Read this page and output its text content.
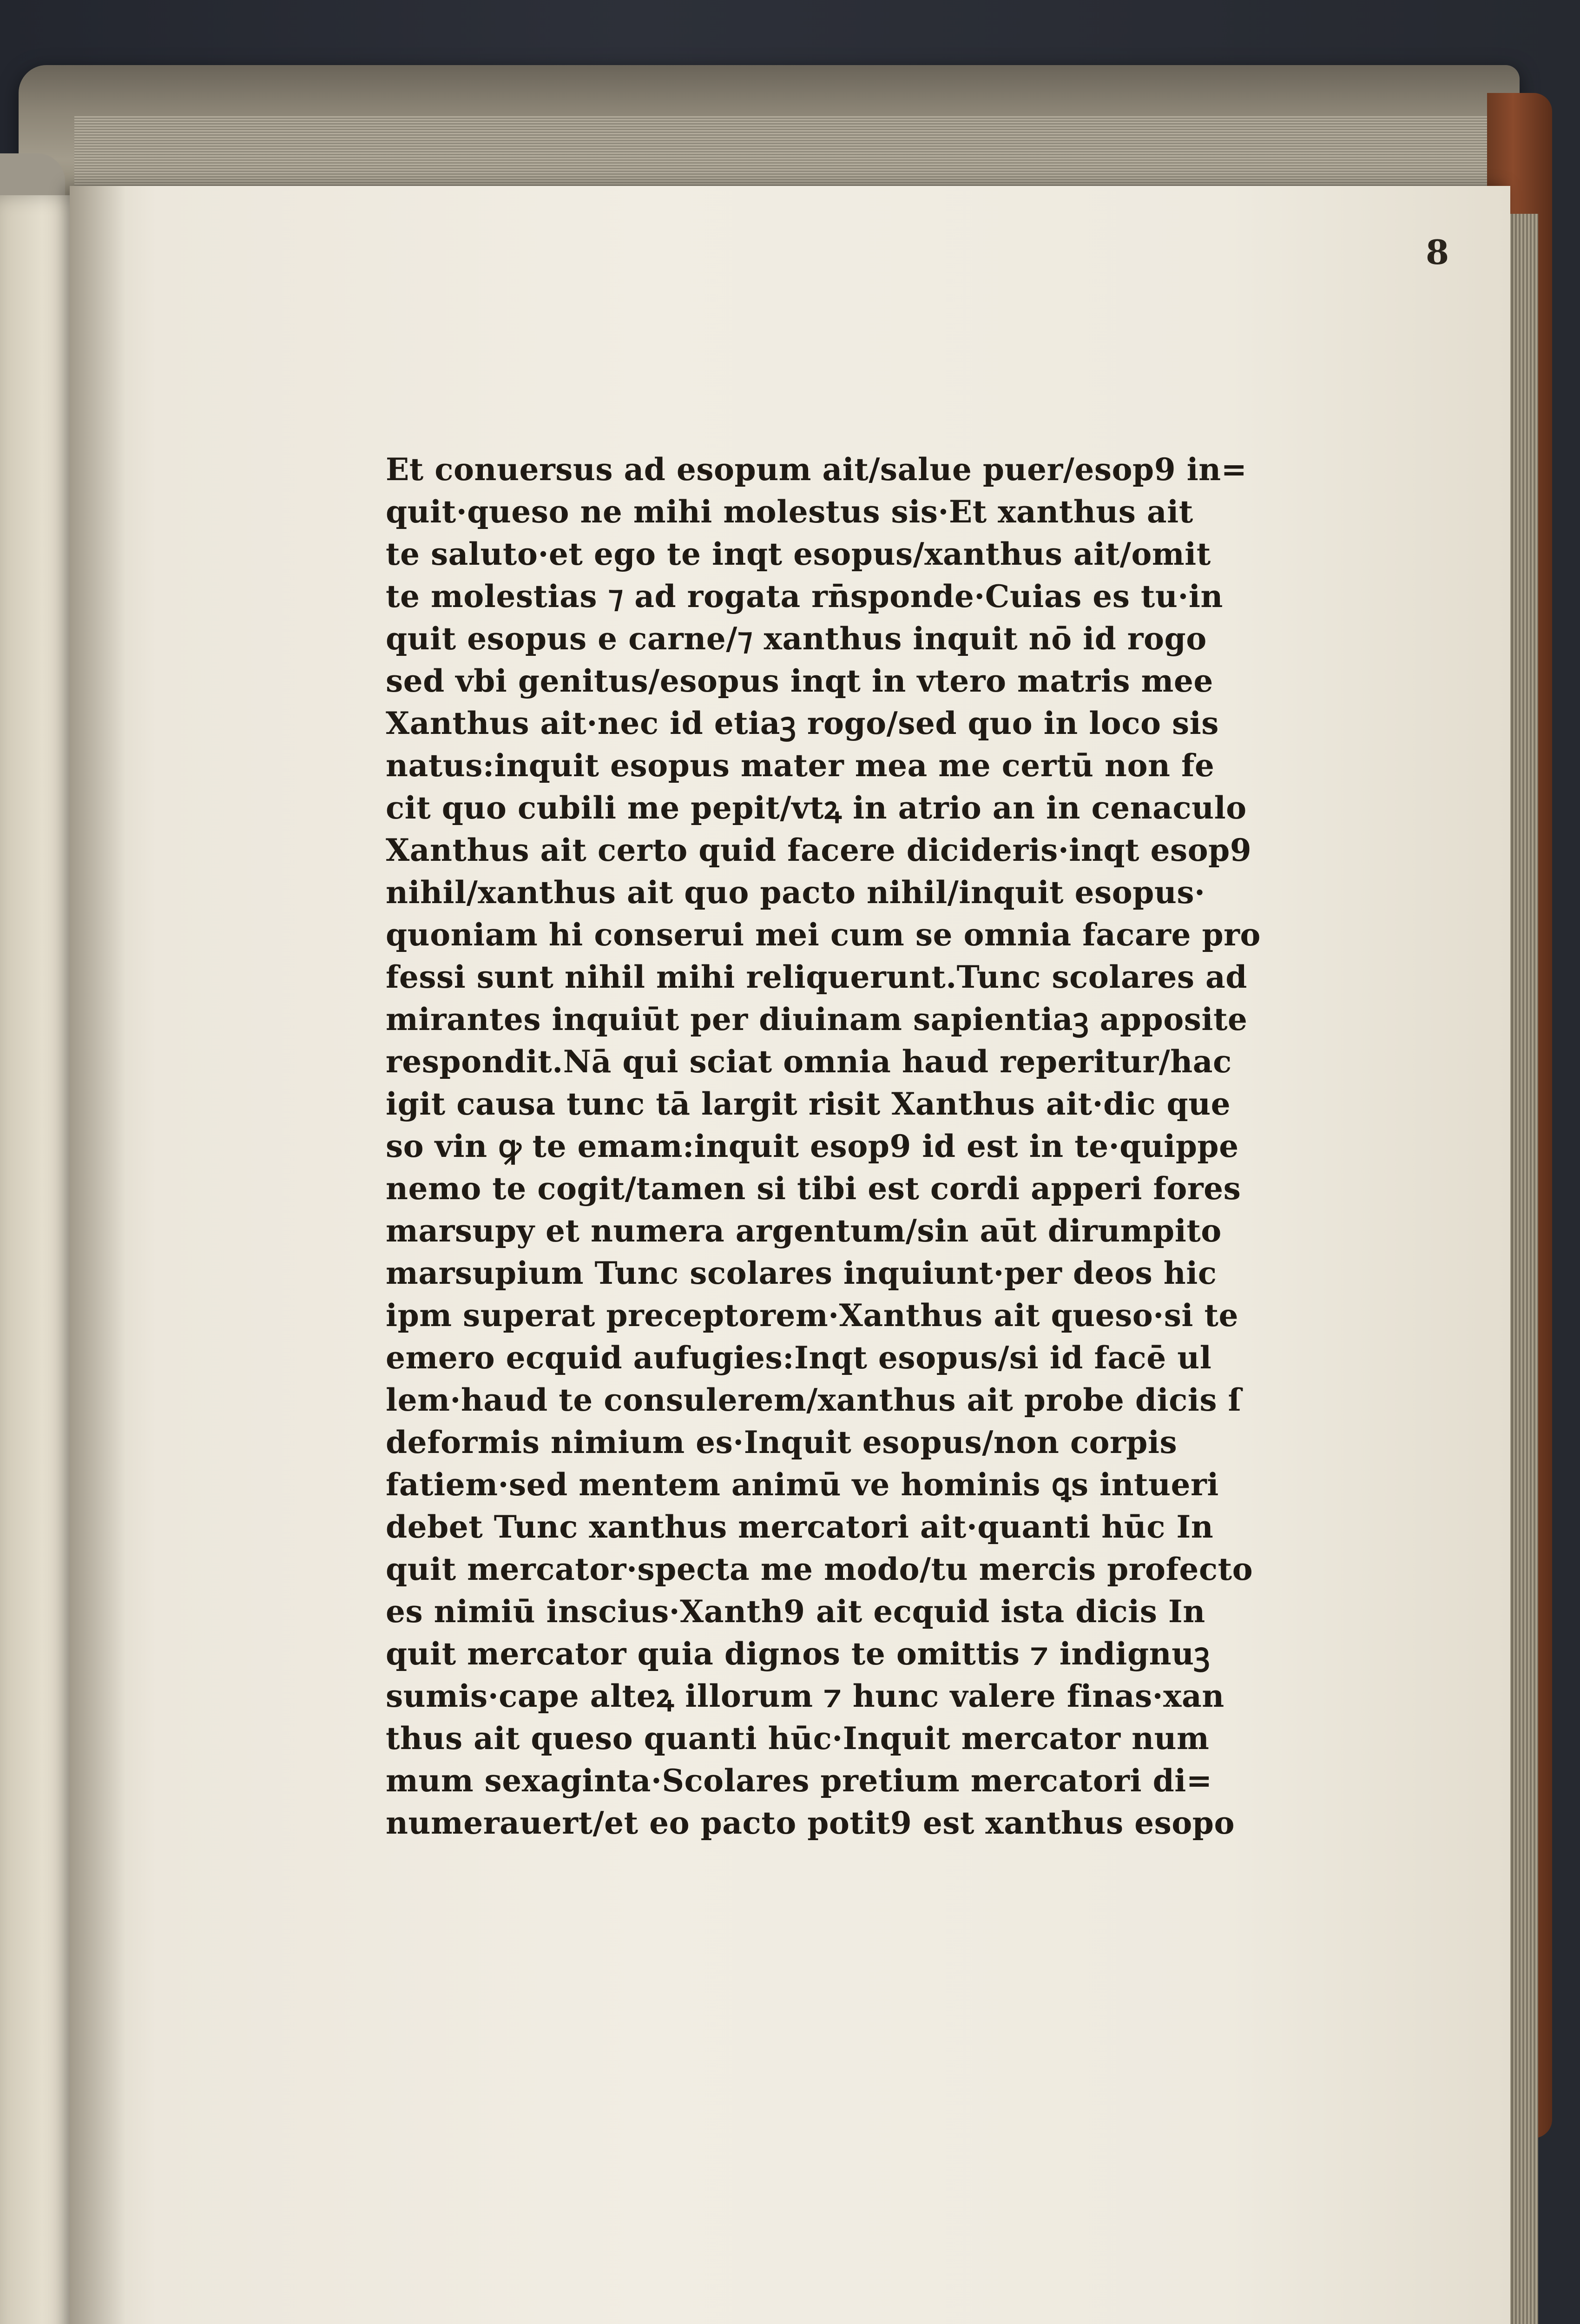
8
Et conuersus ad esopum ait/salue puer/esop9 in=
quit·queso ne mihi molestus sis·Et xanthus ait
te saluto·et ego te inqt esopus/xanthus ait/omit
te molestias ⁊ ad rogata rn̄sponde·Cuias es tu·in
quit esopus e carne/⁊ xanthus inquit nō id rogo
sed vbi genitus/esopus inqt in vtero matris mee
Xanthus ait·nec id etiaꝫ rogo/sed quo in loco sis
natus:inquit esopus mater mea me certū non fe
cit quo cubili me pepit/vtꝝ in atrio an in cenaculo
Xanthus ait certo quid facere dicideris·inqt esop9
nihil/xanthus ait quo pacto nihil/inquit esopus·
quoniam hi conserui mei cum se omnia facare pro
fessi sunt nihil mihi reliquerunt.Tunc scolares ad
mirantes inquiūt per diuinam sapientiaꝫ apposite
respondit.Nā qui sciat omnia haud reperitur/hac
igit causa tunc tā largit risit Xanthus ait·dic que
so vin ꝙ te emam:inquit esop9 id est in te·quippe
nemo te cogit/tamen si tibi est cordi apperi fores
marsupy et numera argentum/sin aūt dirumpito
marsupium Tunc scolares inquiunt·per deos hic
ipm superat preceptorem·Xanthus ait queso·si te
emero ecquid aufugies:Inqt esopus/si id facē ul
lem·haud te consulerem/xanthus ait probe dicis ſ
deformis nimium es·Inquit esopus/non corpis
fatiem·sed mentem animū ve hominis ꝗs intueri
debet Tunc xanthus mercatori ait·quanti hūc In
quit mercator·specta me modo/tu mercis profecto
es nimiū inscius·Xanth9 ait ecquid ista dicis In
quit mercator quia dignos te omittis ⁊ indignuꝫ
sumis·cape alteꝝ illorum ⁊ hunc valere finas·xan
thus ait queso quanti hūc·Inquit mercator num
mum sexaginta·Scolares pretium mercatori di=
numerauert/et eo pacto potit9 est xanthus esopo
